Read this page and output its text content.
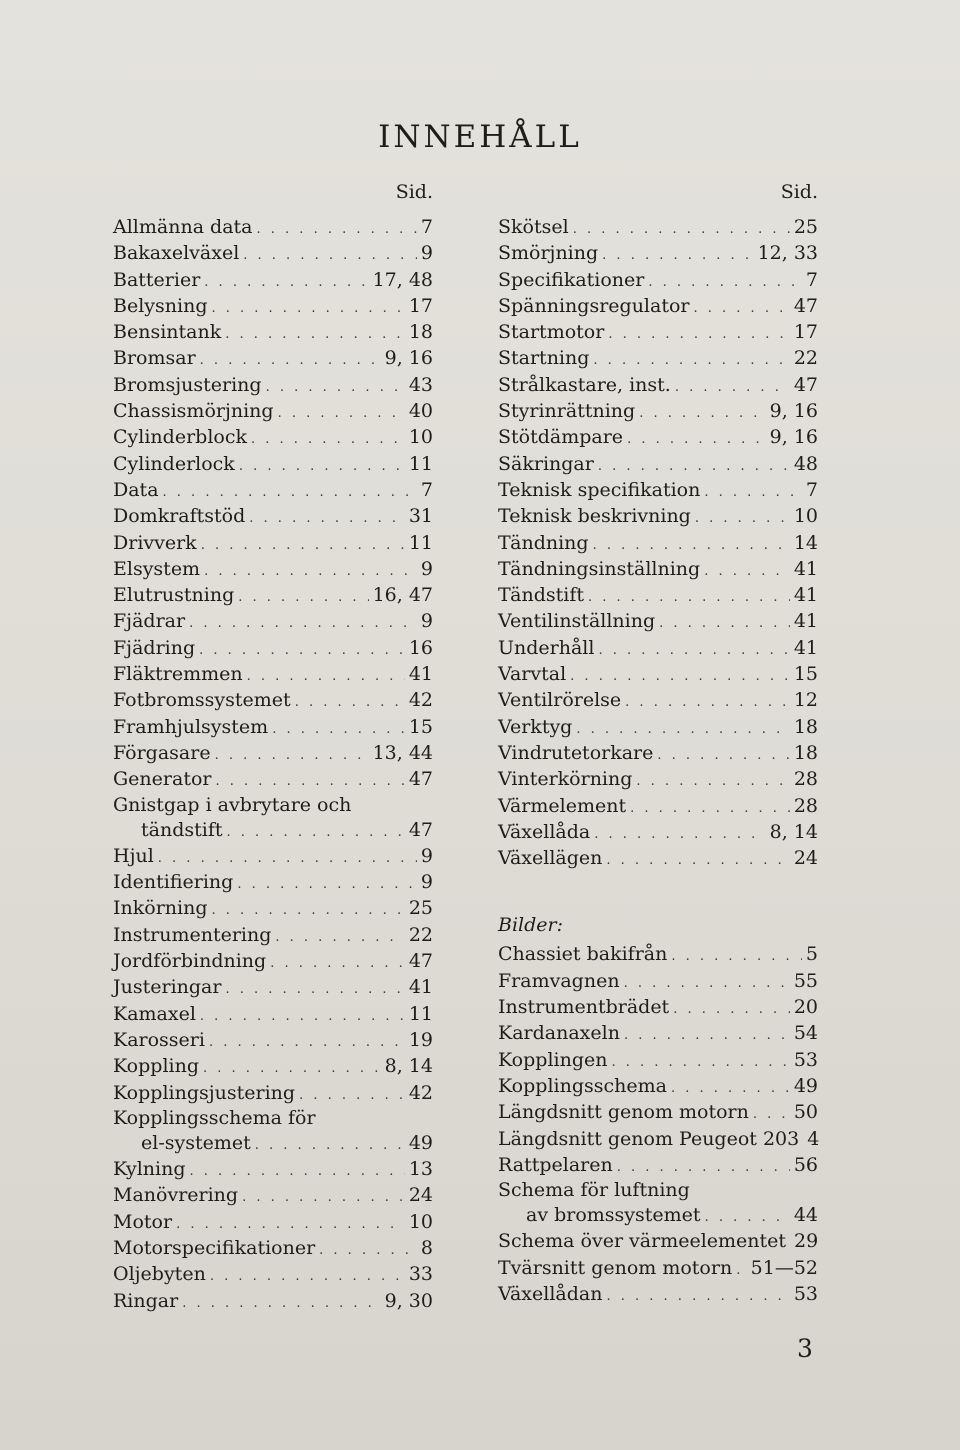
INNEHÅLL
Sid.
Allmänna data . . .	7
Bakaxelväxel . . .	9
Batterier . . .	17, 48
Belysning . . .	17
Bensintank . . .	18
Bromsar . . .	9, 16
Bromsjustering . . .	43
Chassismörjning . . .	40
Cylinderblock . . .	10
Cylinderlock . . .	11
Data . . .	7
Domkraftstöd . . .	31
Drivverk . . .	11
Elsystem . . .	9
Elutrustning . . .	16, 47
Fjädrar . . .	9
Fjädring . . .	16
Fläktremmen . . .	41
Fotbromssystemet . . .	42
Framhjulsystem . . .	15
Förgasare . . .	13, 44
Generator . . .	47
Gnistgap i avbrytare och
tändstift . . .	47
Hjul . . .	9
Identifiering . . .	9
Inkörning . . .	25
Instrumentering . . .	22
Jordförbindning . . .	47
Justeringar . . .	41
Kamaxel . . .	11
Karosseri . . .	19
Koppling . . .	8, 14
Kopplingsjustering . . .	42
Kopplingsschema för
el-systemet . . .	49
Kylning . . .	13
Manövrering . . .	24
Motor . . .	10
Motorspecifikationer . . .	8
Oljebyten . . .	33
Ringar . . .	9, 30
Sid.
Skötsel . . .	25
Smörjning . . .	12, 33
Specifikationer . . .	7
Spänningsregulator . . .	47
Startmotor . . .	17
Startning . . .	22
Strålkastare, inst. . . .	47
Styrinrättning . . .	9, 16
Stötdämpare . . .	9, 16
Säkringar . . .	48
Teknisk specifikation . . .	7
Teknisk beskrivning . . .	10
Tändning . . .	14
Tändningsinställning . . .	41
Tändstift . . .	41
Ventilinställning . . .	41
Underhåll . . .	41
Varvtal . . .	15
Ventilrörelse . . .	12
Verktyg . . .	18
Vindrutetorkare . . .	18
Vinterkörning . . .	28
Värmelement . . .	28
Växellåda . . .	8, 14
Växellägen . . .	24
Bilder:
Chassiet bakifrån . . .	5
Framvagnen . . .	55
Instrumentbrädet . . .	20
Kardanaxeln . . .	54
Kopplingen . . .	53
Kopplingsschema . . .	49
Längdsnitt genom motorn . . . 50
Längdsnitt genom Peugeot 203 4
Rattpelaren . . .	56
Schema för luftning
av bromssystemet . . .	44
Schema över värmeelementet 29
Tvärsnitt genom motorn . . . 51—52
Växellådan . . .	53
3
